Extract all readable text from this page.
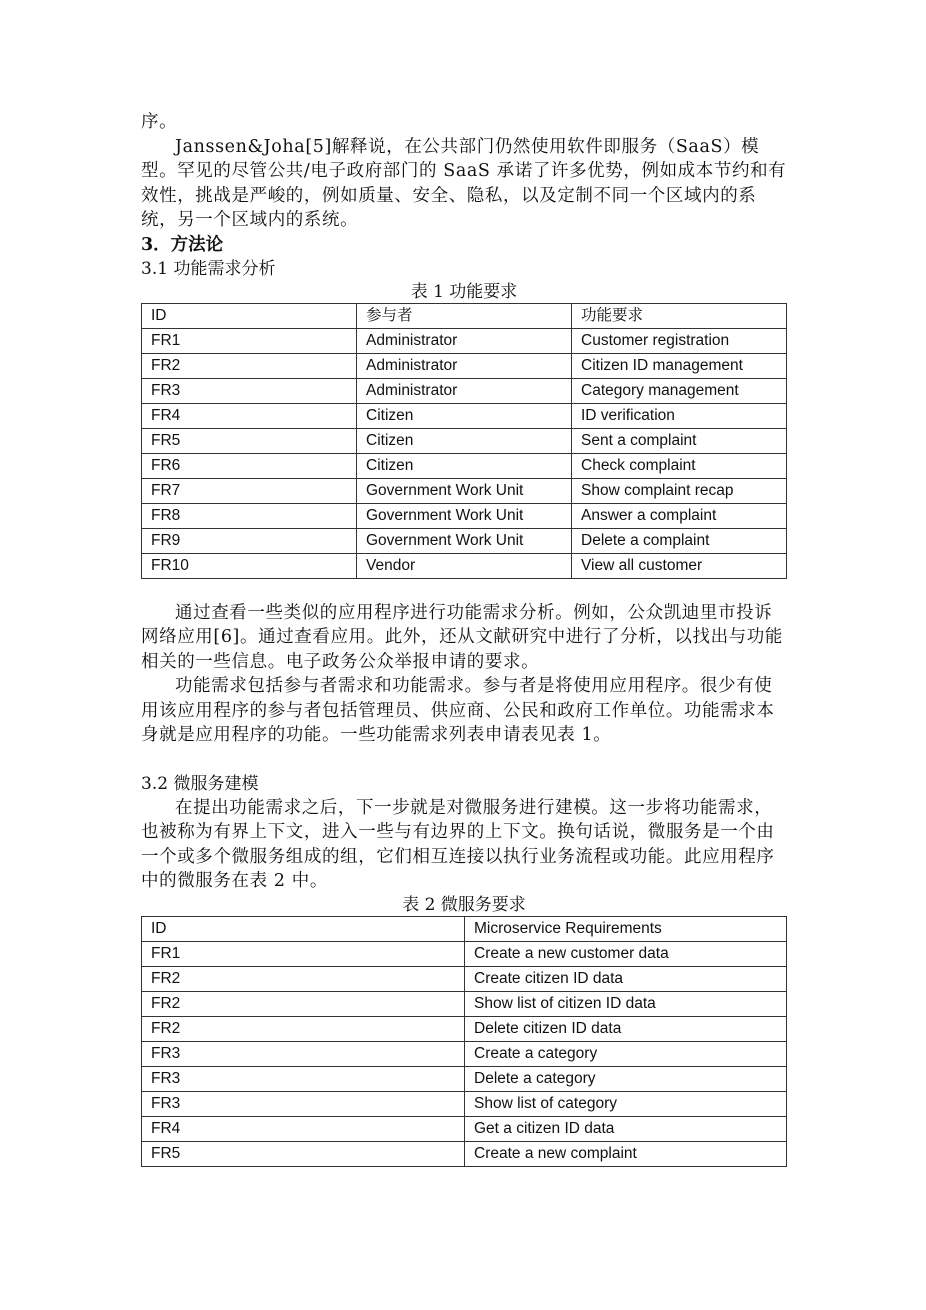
序。

Janssen&Joha[5]解释说，在公共部门仍然使用软件即服务（SaaS）模型。罕见的尽管公共/电子政府部门的 SaaS 承诺了许多优势，例如成本节约和有效性，挑战是严峻的，例如质量、安全、隐私，以及定制不同一个区域内的系统，另一个区域内的系统。

3．方法论

3.1 功能需求分析

表 1 功能要求

ID	参与者	功能要求
FR1	Administrator	Customer registration
FR2	Administrator	Citizen ID management
FR3	Administrator	Category management
FR4	Citizen	ID verification
FR5	Citizen	Sent a complaint
FR6	Citizen	Check complaint
FR7	Government Work Unit	Show complaint recap
FR8	Government Work Unit	Answer a complaint
FR9	Government Work Unit	Delete a complaint
FR10	Vendor	View all customer

通过查看一些类似的应用程序进行功能需求分析。例如，公众凯迪里市投诉网络应用[6]。通过查看应用。此外，还从文献研究中进行了分析，以找出与功能相关的一些信息。电子政务公众举报申请的要求。

功能需求包括参与者需求和功能需求。参与者是将使用应用程序。很少有使用该应用程序的参与者包括管理员、供应商、公民和政府工作单位。功能需求本身就是应用程序的功能。一些功能需求列表申请表见表 1。

3.2 微服务建模

在提出功能需求之后，下一步就是对微服务进行建模。这一步将功能需求，也被称为有界上下文，进入一些与有边界的上下文。换句话说，微服务是一个由一个或多个微服务组成的组，它们相互连接以执行业务流程或功能。此应用程序中的微服务在表 2 中。

表 2 微服务要求

ID	Microservice Requirements
FR1	Create a new customer data
FR2	Create citizen ID data
FR2	Show list of citizen ID data
FR2	Delete citizen ID data
FR3	Create a category
FR3	Delete a category
FR3	Show list of category
FR4	Get a citizen ID data
FR5	Create a new complaint
